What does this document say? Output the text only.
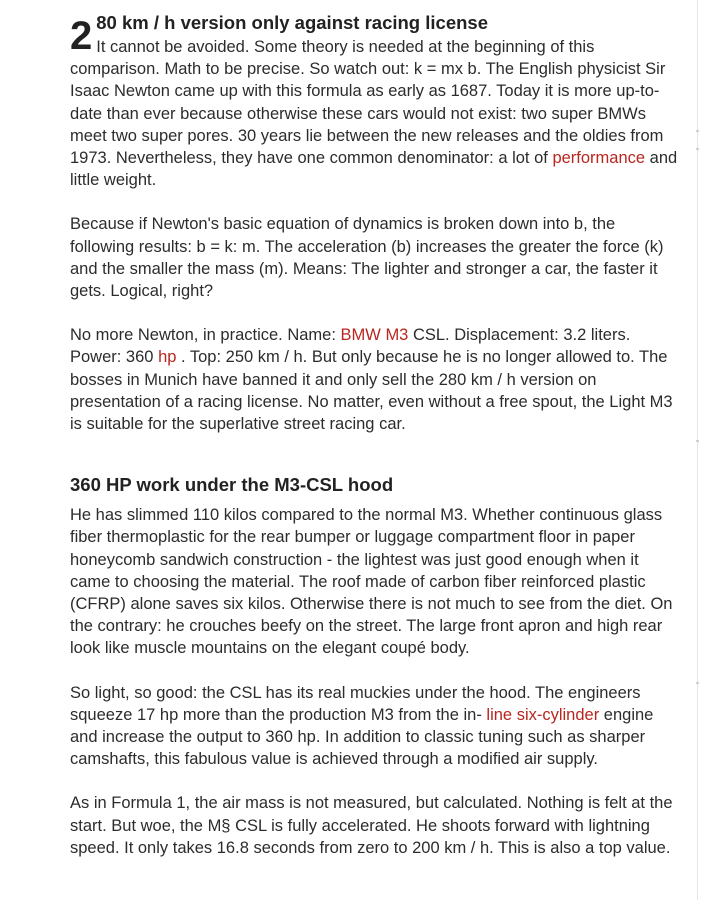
2 80 km / h version only against racing license

It cannot be avoided. Some theory is needed at the beginning of this comparison. Math to be precise. So watch out: k = mx b. The English physicist Sir Isaac Newton came up with this formula as early as 1687. Today it is more up-to-date than ever because otherwise these cars would not exist: two super BMWs meet two super pores. 30 years lie between the new releases and the oldies from 1973. Nevertheless, they have one common denominator: a lot of performance and little weight.

Because if Newton's basic equation of dynamics is broken down into b, the following results: b = k: m. The acceleration (b) increases the greater the force (k) and the smaller the mass (m). Means: The lighter and stronger a car, the faster it gets. Logical, right?

No more Newton, in practice. Name: BMW M3 CSL. Displacement: 3.2 liters. Power: 360 hp . Top: 250 km / h. But only because he is no longer allowed to. The bosses in Munich have banned it and only sell the 280 km / h version on presentation of a racing license. No matter, even without a free spout, the Light M3 is suitable for the superlative street racing car.

360 HP work under the M3-CSL hood

He has slimmed 110 kilos compared to the normal M3. Whether continuous glass fiber thermoplastic for the rear bumper or luggage compartment floor in paper honeycomb sandwich construction - the lightest was just good enough when it came to choosing the material. The roof made of carbon fiber reinforced plastic (CFRP) alone saves six kilos. Otherwise there is not much to see from the diet. On the contrary: he crouches beefy on the street. The large front apron and high rear look like muscle mountains on the elegant coupé body.

So light, so good: the CSL has its real muckies under the hood. The engineers squeeze 17 hp more than the production M3 from the in- line six-cylinder engine and increase the output to 360 hp. In addition to classic tuning such as sharper camshafts, this fabulous value is achieved through a modified air supply.

As in Formula 1, the air mass is not measured, but calculated. Nothing is felt at the start. But woe, the M§ CSL is fully accelerated. He shoots forward with lightning speed. It only takes 16.8 seconds from zero to 200 km / h. This is also a top value.
